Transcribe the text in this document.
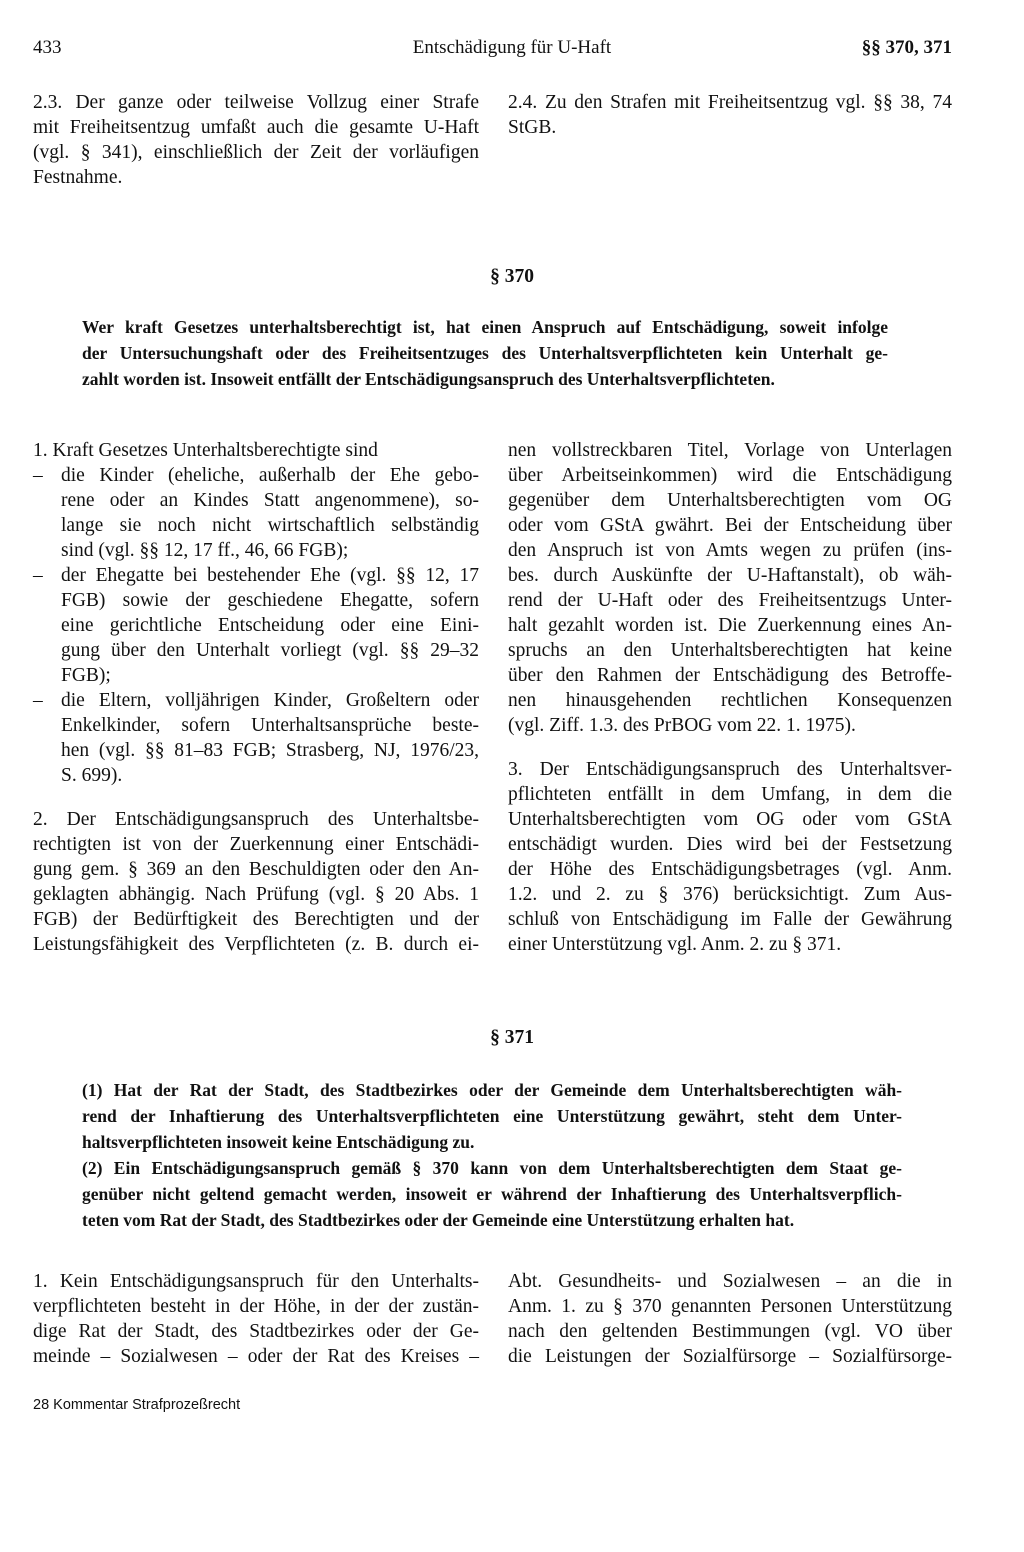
433	Entschädigung für U-Haft	§§ 370, 371
2.3. Der ganze oder teilweise Vollzug einer Strafe
mit Freiheitsentzug umfaßt auch die gesamte U-Haft
(vgl. § 341), einschließlich der Zeit der vorläufigen
Festnahme.
2.4. Zu den Strafen mit Freiheitsentzug vgl. §§ 38, 74
StGB.
§ 370
Wer kraft Gesetzes unterhaltsberechtigt ist, hat einen Anspruch auf Entschädigung, soweit infolge
der Untersuchungshaft oder des Freiheitsentzuges des Unterhaltsverpflichteten kein Unterhalt ge-
zahlt worden ist. Insoweit entfällt der Entschädigungsanspruch des Unterhaltsverpflichteten.
1. Kraft Gesetzes Unterhaltsberechtigte sind
– die Kinder (eheliche, außerhalb der Ehe gebo-
rene oder an Kindes Statt angenommene), so-
lange sie noch nicht wirtschaftlich selbständig
sind (vgl. §§ 12, 17 ff., 46, 66 FGB);
– der Ehegatte bei bestehender Ehe (vgl. §§ 12, 17
FGB) sowie der geschiedene Ehegatte, sofern
eine gerichtliche Entscheidung oder eine Eini-
gung über den Unterhalt vorliegt (vgl. §§ 29–32
FGB);
– die Eltern, volljährigen Kinder, Großeltern oder
Enkelkinder, sofern Unterhaltsansprüche beste-
hen (vgl. §§ 81–83 FGB; Strasberg, NJ, 1976/23,
S. 699).
2. Der Entschädigungsanspruch des Unterhaltsbe-
rechtigten ist von der Zuerkennung einer Entschädi-
gung gem. § 369 an den Beschuldigten oder den An-
geklagten abhängig. Nach Prüfung (vgl. § 20 Abs. 1
FGB) der Bedürftigkeit des Berechtigten und der
Leistungsfähigkeit des Verpflichteten (z. B. durch ei-
nen vollstreckbaren Titel, Vorlage von Unterlagen
über Arbeitseinkommen) wird die Entschädigung
gegenüber dem Unterhaltsberechtigten vom OG
oder vom GStA gwährt. Bei der Entscheidung über
den Anspruch ist von Amts wegen zu prüfen (ins-
bes. durch Auskünfte der U-Haftanstalt), ob wäh-
rend der U-Haft oder des Freiheitsentzugs Unter-
halt gezahlt worden ist. Die Zuerkennung eines An-
spruchs an den Unterhaltsberechtigten hat keine
über den Rahmen der Entschädigung des Betroffe-
nen hinausgehenden rechtlichen Konsequenzen
(vgl. Ziff. 1.3. des PrBOG vom 22. 1. 1975).
3. Der Entschädigungsanspruch des Unterhaltsver-
pflichteten entfällt in dem Umfang, in dem die
Unterhaltsberechtigten vom OG oder vom GStA
entschädigt wurden. Dies wird bei der Festsetzung
der Höhe des Entschädigungsbetrages (vgl. Anm.
1.2. und 2. zu § 376) berücksichtigt. Zum Aus-
schluß von Entschädigung im Falle der Gewährung
einer Unterstützung vgl. Anm. 2. zu § 371.
§ 371
(1) Hat der Rat der Stadt, des Stadtbezirkes oder der Gemeinde dem Unterhaltsberechtigten wäh-
rend der Inhaftierung des Unterhaltsverpflichteten eine Unterstützung gewährt, steht dem Unter-
haltsverpflichteten insoweit keine Entschädigung zu.
(2) Ein Entschädigungsanspruch gemäß § 370 kann von dem Unterhaltsberechtigten dem Staat ge-
genüber nicht geltend gemacht werden, insoweit er während der Inhaftierung des Unterhaltsverpflich-
teten vom Rat der Stadt, des Stadtbezirkes oder der Gemeinde eine Unterstützung erhalten hat.
1. Kein Entschädigungsanspruch für den Unterhalts-
verpflichteten besteht in der Höhe, in der der zustän-
dige Rat der Stadt, des Stadtbezirkes oder der Ge-
meinde – Sozialwesen – oder der Rat des Kreises –
Abt. Gesundheits- und Sozialwesen – an die in
Anm. 1. zu § 370 genannten Personen Unterstützung
nach den geltenden Bestimmungen (vgl. VO über
die Leistungen der Sozialfürsorge – Sozialfürsorge-
28 Kommentar Strafprozeßrecht
